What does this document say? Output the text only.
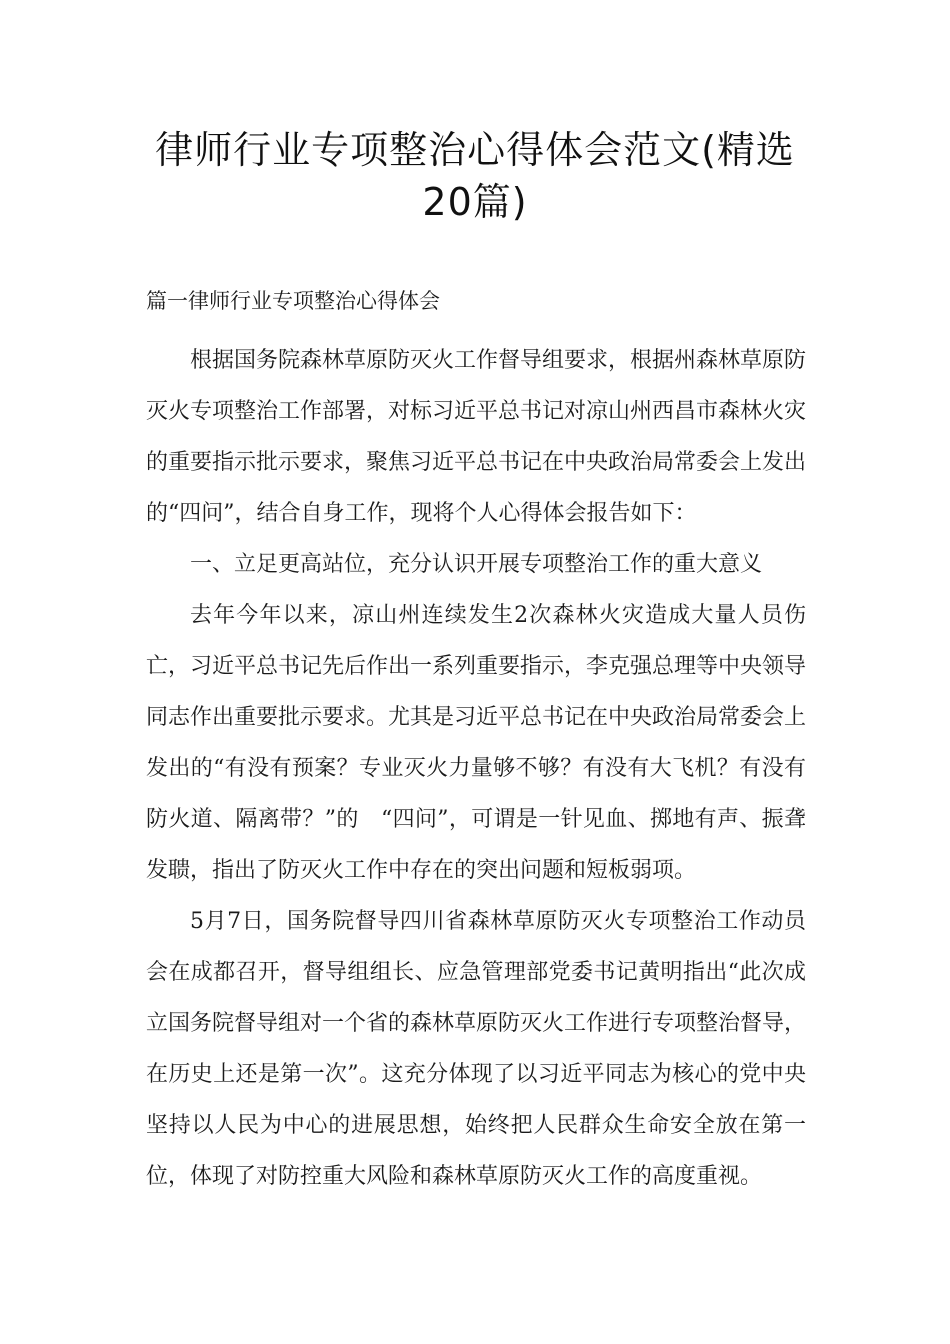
律师行业专项整治心得体会范文(精选
20篇)
篇一律师行业专项整治心得体会

根据国务院森林草原防灭火工作督导组要求，根据州森林草原防灭火专项整治工作部署，对标习近平总书记对凉山州西昌市森林火灾的重要指示批示要求，聚焦习近平总书记在中央政治局常委会上发出的“四问”，结合自身工作，现将个人心得体会报告如下：

一、立足更高站位，充分认识开展专项整治工作的重大意义

去年今年以来，凉山州连续发生2次森林火灾造成大量人员伤亡，习近平总书记先后作出一系列重要指示，李克强总理等中央领导同志作出重要批示要求。尤其是习近平总书记在中央政治局常委会上发出的“有没有预案？专业灭火力量够不够？有没有大飞机？有没有防火道、隔离带？”的　“四问”，可谓是一针见血、掷地有声、振聋发聩，指出了防灭火工作中存在的突出问题和短板弱项。

5月7日，国务院督导四川省森林草原防灭火专项整治工作动员会在成都召开，督导组组长、应急管理部党委书记黄明指出“此次成立国务院督导组对一个省的森林草原防灭火工作进行专项整治督导，在历史上还是第一次”。这充分体现了以习近平同志为核心的党中央坚持以人民为中心的进展思想，始终把人民群众生命安全放在第一位，体现了对防控重大风险和森林草原防灭火工作的高度重视。
